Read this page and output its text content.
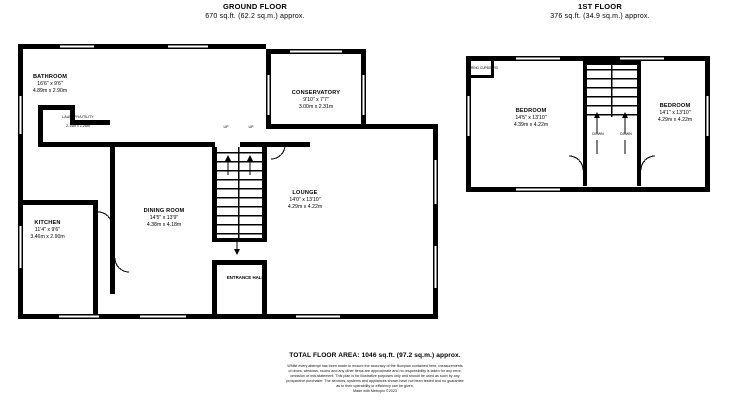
GROUND FLOOR
670 sq.ft. (62.2 sq.m.) approx.
1ST FLOOR
376 sq.ft. (34.9 sq.m.) approx.
BATHROOM
16'6" x 9'6"
4.89m x 2.90m
LAUNDRY/UTILITY
7'0" x 4'2"
2.14m x 1.26m
KITCHEN
11'4" x 9'6"
3.46m x 2.90m
DINING ROOM
14'5" x 13'9"
4.38m x 4.18m
LOUNGE
14'0" x 13'10"
4.29m x 4.22m
CONSERVATORY
9'10" x 7'7"
3.00m x 2.31m
BEDROOM
14'5" x 13'10"
4.39m x 4.22m
BEDROOM
14'1" x 13'10"
4.29m x 4.22m
ENTRANCE HALL
UP	UP
DOWN	DOWN
AIRING CUPBOARD
TOTAL FLOOR AREA: 1046 sq.ft. (97.2 sq.m.) approx.
Whilst every attempt has been made to ensure the accuracy of the floorplan contained here, measurements
of doors, windows, rooms and any other items are approximate and no responsibility is taken for any error,
omission or mis-statement. This plan is for illustrative purposes only and should be used as such by any
prospective purchaser. The services, systems and appliances shown have not been tested and no guarantee
as to their operability or efficiency can be given.
Made with Metropix ©2023
